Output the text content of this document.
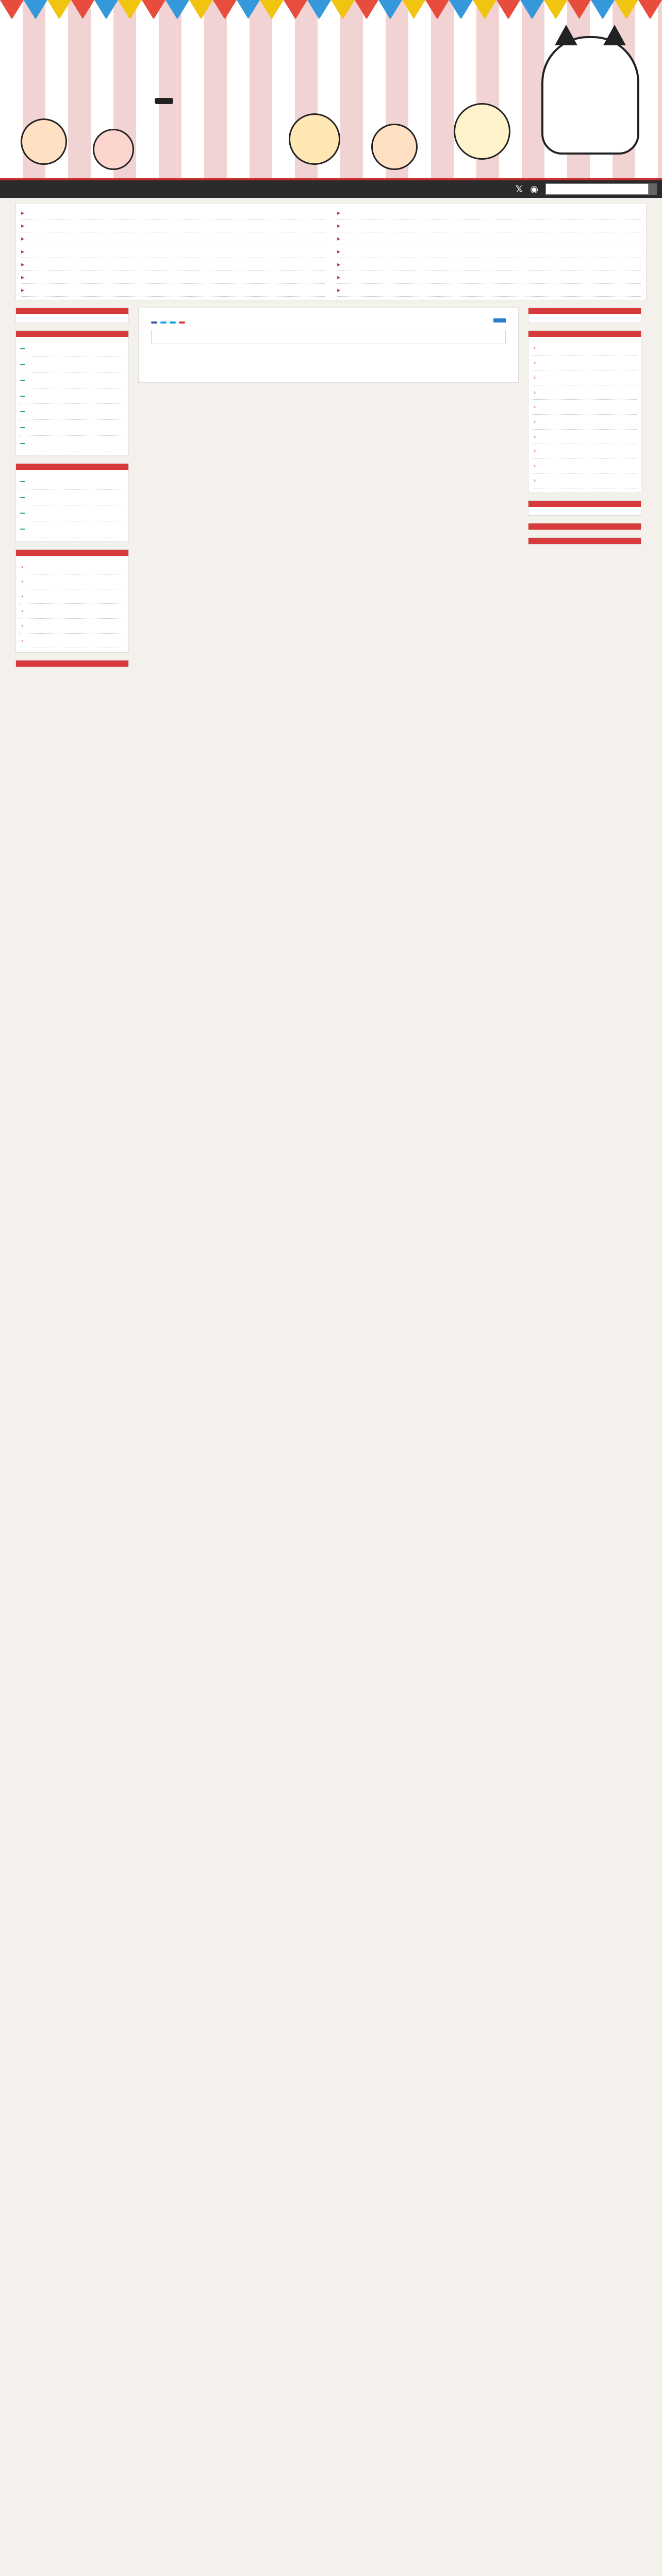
𝕏 ◉
▸
▸
▸
▸
▸
▸
▸
▸
▸
▸
▸
▸
▸
▸
›
›
›
›
›
›
›
›
›
›
›
›
›
›
›
›
